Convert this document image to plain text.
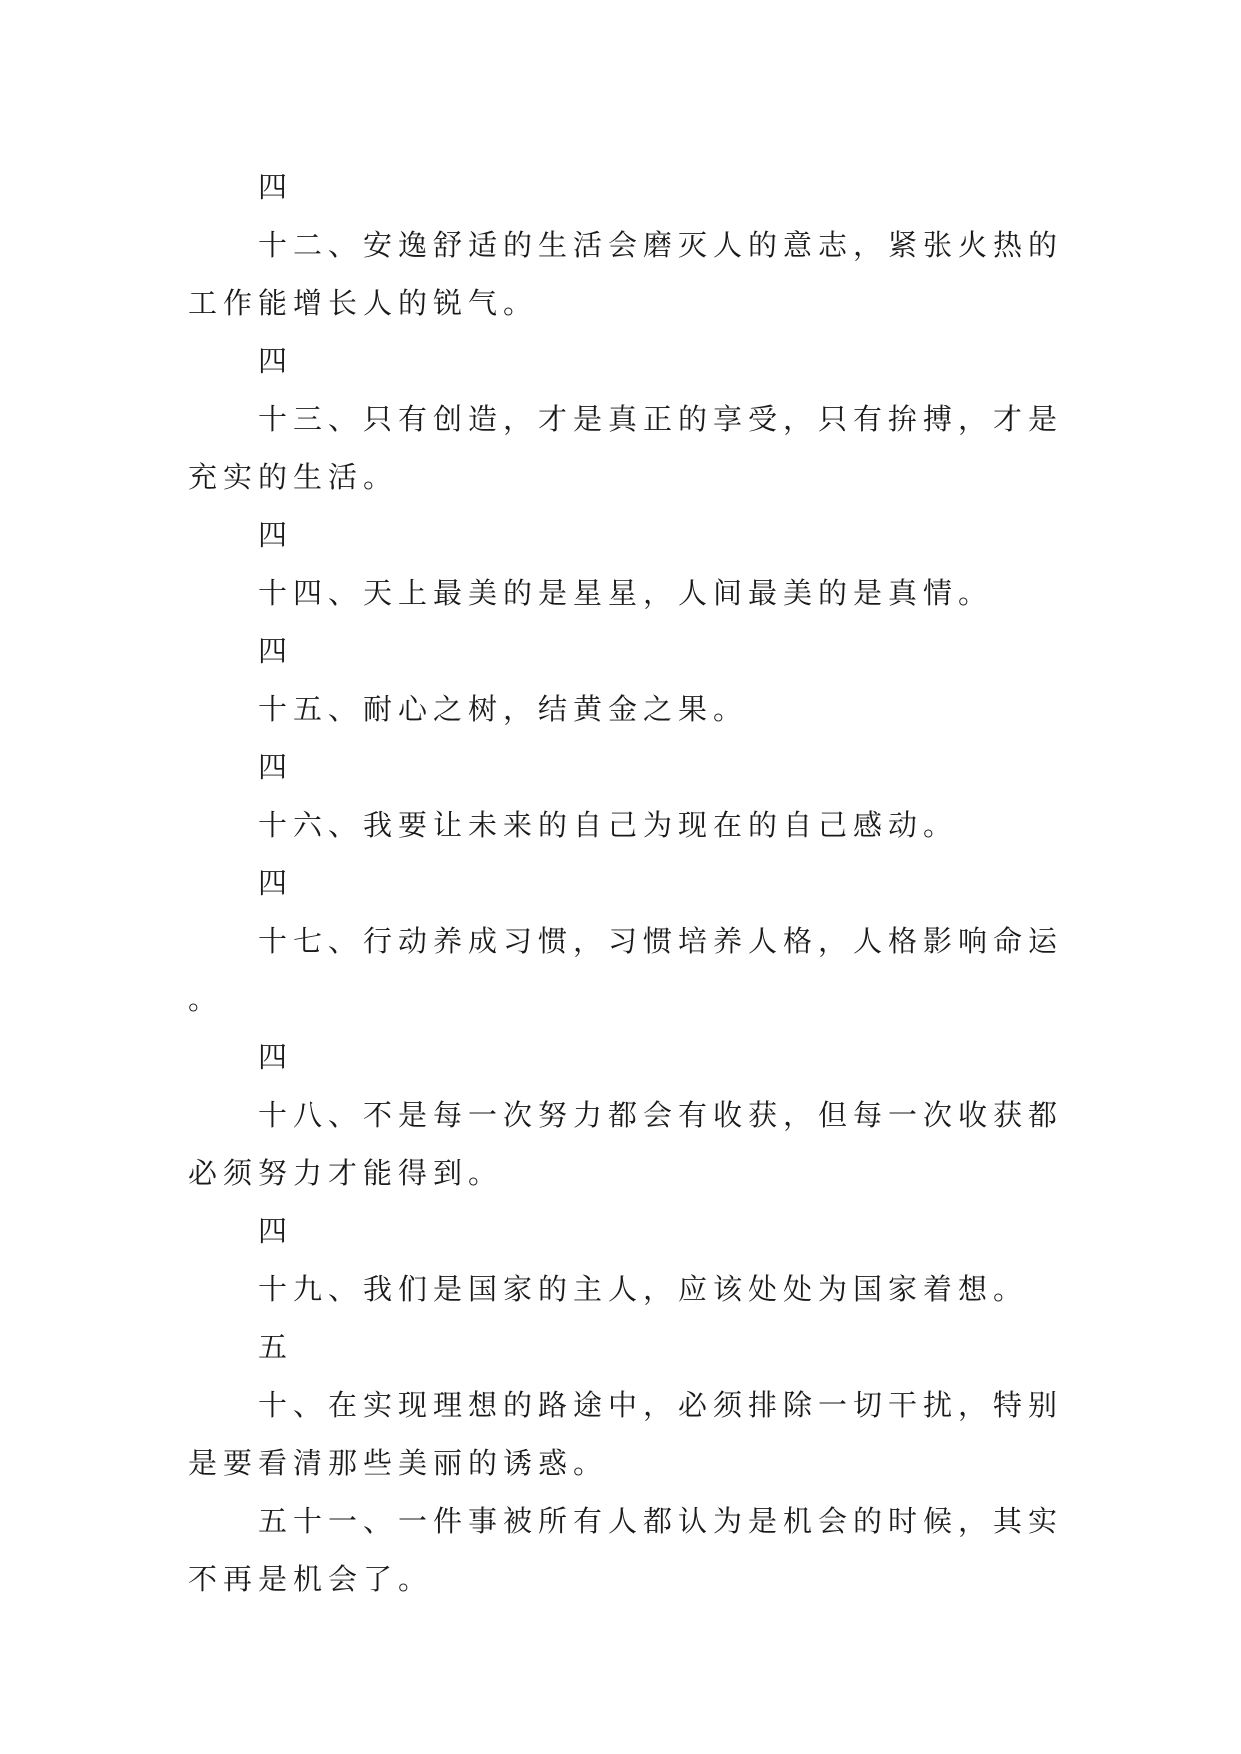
四

十二、安逸舒适的生活会磨灭人的意志，紧张火热的工作能增长人的锐气。

四

十三、只有创造，才是真正的享受，只有拚搏，才是充实的生活。

四

十四、天上最美的是星星，人间最美的是真情。

四

十五、耐心之树，结黄金之果。

四

十六、我要让未来的自己为现在的自己感动。

四

十七、行动养成习惯，习惯培养人格，人格影响命运。

四

十八、不是每一次努力都会有收获，但每一次收获都必须努力才能得到。

四

十九、我们是国家的主人，应该处处为国家着想。

五

十、在实现理想的路途中，必须排除一切干扰，特别是要看清那些美丽的诱惑。

五十一、一件事被所有人都认为是机会的时候，其实不再是机会了。
